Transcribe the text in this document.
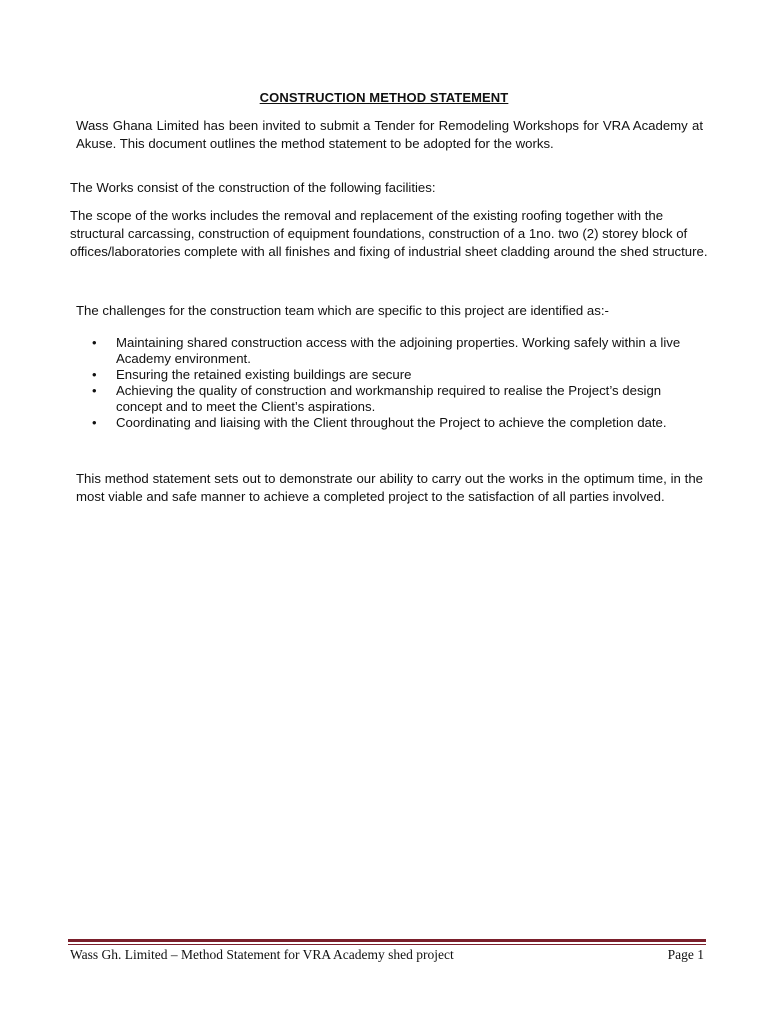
CONSTRUCTION METHOD STATEMENT

Wass Ghana Limited has been invited to submit a Tender for Remodeling Workshops for VRA Academy at Akuse. This document outlines the method statement to be adopted for the works.

The Works consist of the construction of the following facilities:

The scope of the works includes the removal and replacement of the existing roofing together with the structural carcassing, construction of equipment foundations, construction of a 1no. two (2) storey block of offices/laboratories complete with all finishes and fixing of industrial sheet cladding around the shed structure.

The challenges for the construction team which are specific to this project are identified as:-

• Maintaining shared construction access with the adjoining properties. Working safely within a live Academy environment.
• Ensuring the retained existing buildings are secure
• Achieving the quality of construction and workmanship required to realise the Project’s design concept and to meet the Client’s aspirations.
• Coordinating and liaising with the Client throughout the Project to achieve the completion date.

This method statement sets out to demonstrate our ability to carry out the works in the optimum time, in the most viable and safe manner to achieve a completed project to the satisfaction of all parties involved.

Wass Gh. Limited – Method Statement for VRA Academy shed project	Page 1
